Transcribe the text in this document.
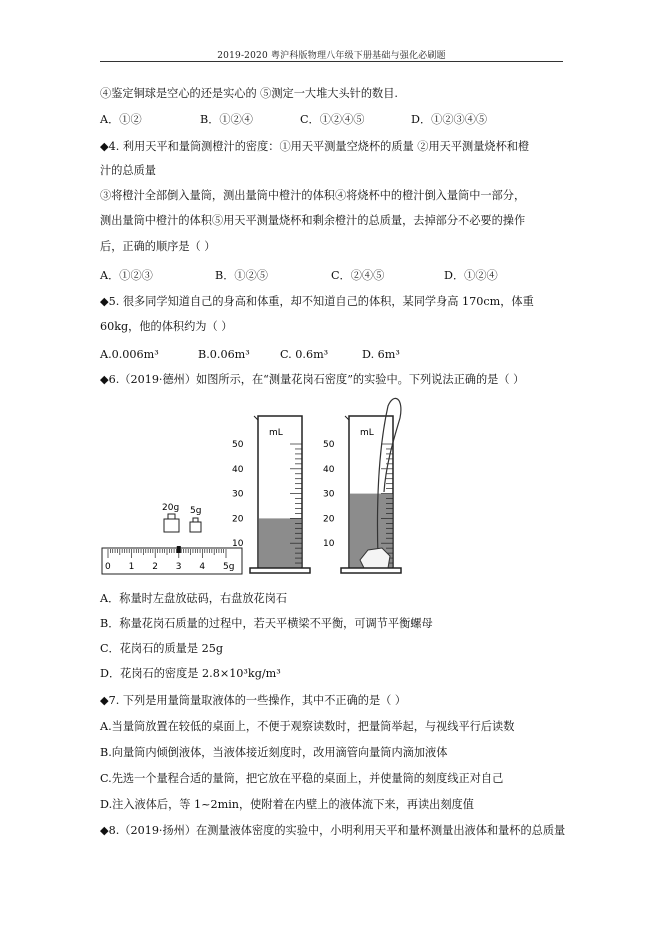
2019-2020 粤沪科版物理八年级下册基础与强化必刷题
④鉴定铜球是空心的还是实心的 ⑤测定一大堆大头针的数目.
A．①②	B．①②④	C．①②④⑤	D．①②③④⑤
◆4. 利用天平和量筒测橙汁的密度：①用天平测量空烧杯的质量 ②用天平测量烧杯和橙
汁的总质量
③将橙汁全部倒入量筒，测出量筒中橙汁的体积④将烧杯中的橙汁倒入量筒中一部分，
测出量筒中橙汁的体积⑤用天平测量烧杯和剩余橙汁的总质量，去掉部分不必要的操作
后，正确的顺序是（ ）
A．①②③	B．①②⑤	C．②④⑤	D．①②④
◆5. 很多同学知道自己的身高和体重，却不知道自己的体积，某同学身高 170cm，体重
60kg，他的体积约为（ ）
A.0.006m³	B.0.06m³	C. 0.6m³	D. 6m³
◆6.（2019·德州）如图所示，在“测量花岗石密度”的实验中。下列说法正确的是（ ）
20g 5g
0 1 2 3 4 5g
mL
50
40
30
20
10
mL
50
40
30
20
10
A．称量时左盘放砝码，右盘放花岗石
B．称量花岗石质量的过程中，若天平横梁不平衡，可调节平衡螺母
C．花岗石的质量是 25g
D．花岗石的密度是 2.8×10³kg/m³
◆7. 下列是用量筒量取液体的一些操作，其中不正确的是（ ）
A.当量筒放置在较低的桌面上，不便于观察读数时，把量筒举起，与视线平行后读数
B.向量筒内倾倒液体，当液体接近刻度时，改用滴管向量筒内滴加液体
C.先选一个量程合适的量筒，把它放在平稳的桌面上，并使量筒的刻度线正对自己
D.注入液体后，等 1~2min，使附着在内壁上的液体流下来，再读出刻度值
◆8.（2019·扬州）在测量液体密度的实验中，小明利用天平和量杯测量出液体和量杯的总质量
